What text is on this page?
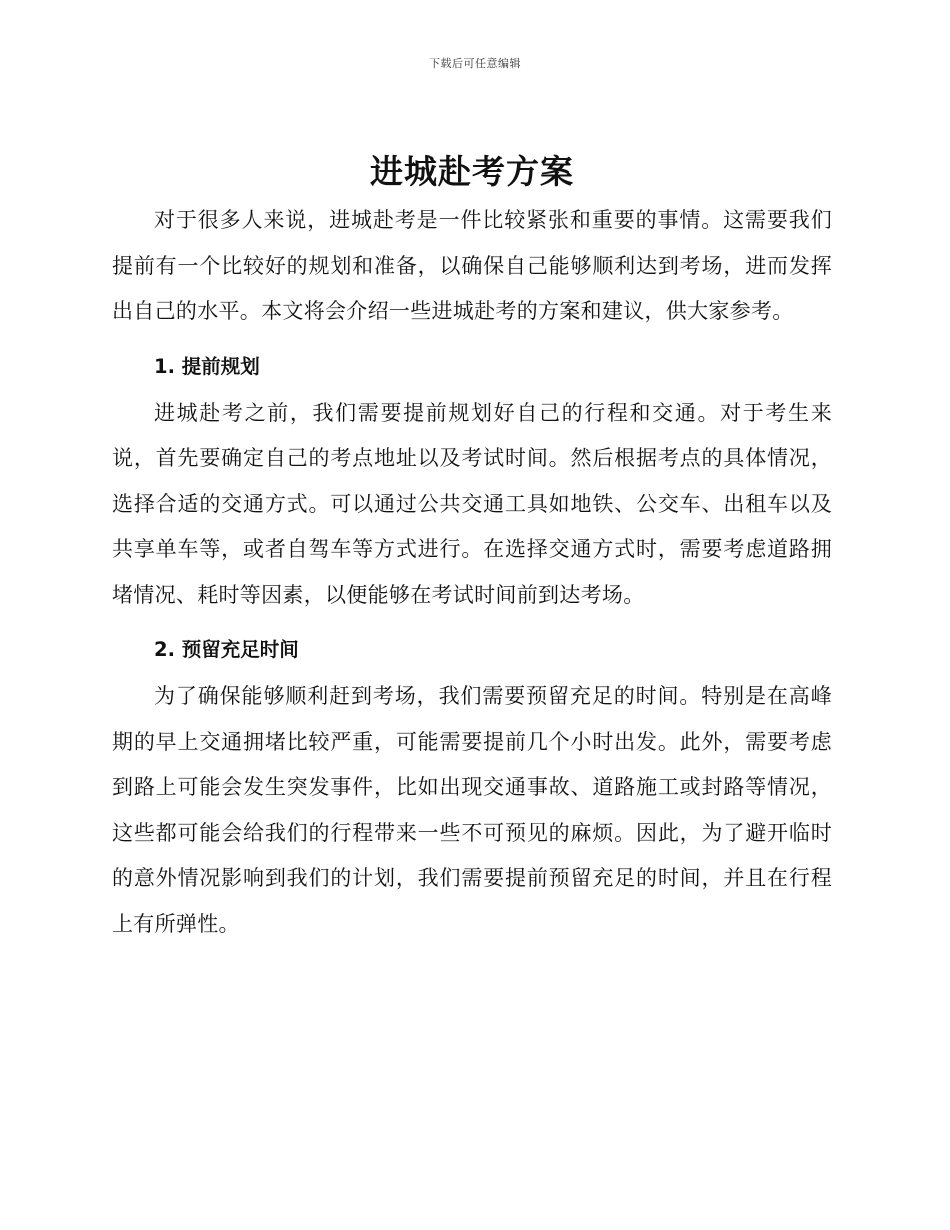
下载后可任意编辑
进城赴考方案

对于很多人来说，进城赴考是一件比较紧张和重要的事情。这需要我们提前有一个比较好的规划和准备，以确保自己能够顺利达到考场，进而发挥出自己的水平。本文将会介绍一些进城赴考的方案和建议，供大家参考。

1. 提前规划

进城赴考之前，我们需要提前规划好自己的行程和交通。对于考生来说，首先要确定自己的考点地址以及考试时间。然后根据考点的具体情况，选择合适的交通方式。可以通过公共交通工具如地铁、公交车、出租车以及共享单车等，或者自驾车等方式进行。在选择交通方式时，需要考虑道路拥堵情况、耗时等因素，以便能够在考试时间前到达考场。

2. 预留充足时间

为了确保能够顺利赶到考场，我们需要预留充足的时间。特别是在高峰期的早上交通拥堵比较严重，可能需要提前几个小时出发。此外，需要考虑到路上可能会发生突发事件，比如出现交通事故、道路施工或封路等情况，这些都可能会给我们的行程带来一些不可预见的麻烦。因此，为了避开临时的意外情况影响到我们的计划，我们需要提前预留充足的时间，并且在行程上有所弹性。
